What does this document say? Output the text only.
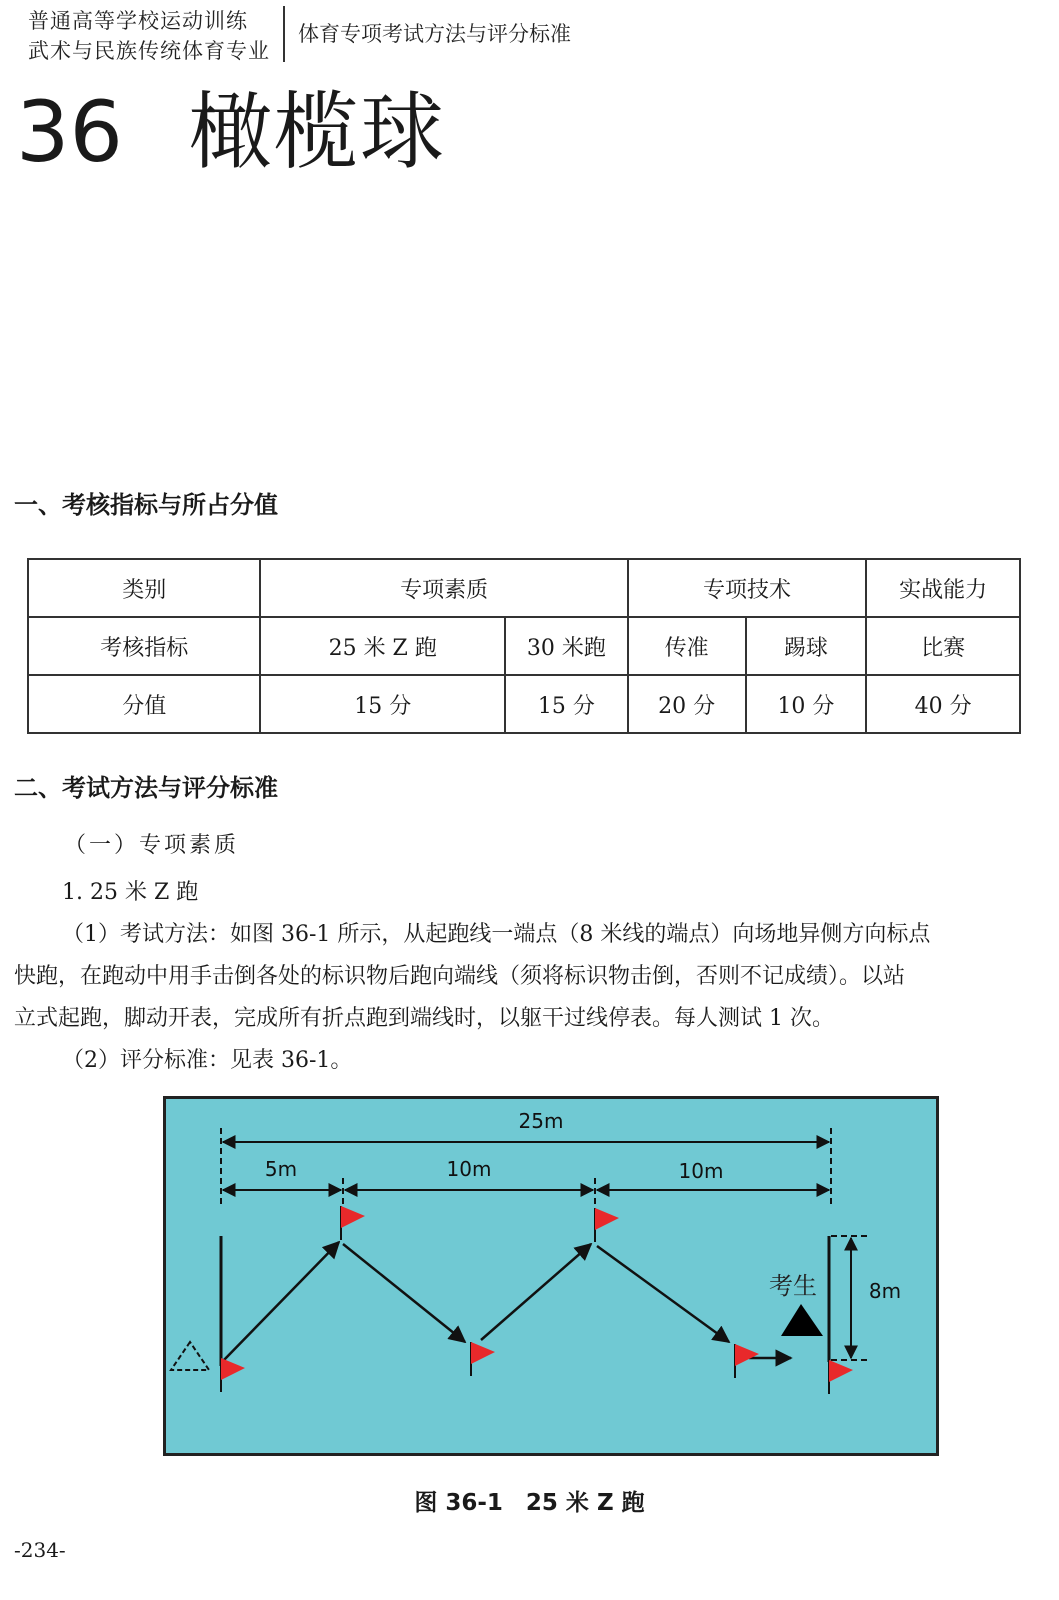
普通高等学校运动训练
武术与民族传统体育专业
体育专项考试方法与评分标准
36 橄榄球
一、考核指标与所占分值
类别	专项素质		专项技术		实战能力
考核指标	25 米 Z 跑	30 米跑	传准	踢球	比赛
分值	15 分	15 分	20 分	10 分	40 分
二、考试方法与评分标准
（一）专项素质

1. 25 米 Z 跑

（1）考试方法：如图 36-1 所示，从起跑线一端点（8 米线的端点）向场地异侧方向标点

快跑，在跑动中用手击倒各处的标识物后跑向端线（须将标识物击倒，否则不记成绩）。以站

立式起跑，脚动开表，完成所有折点跑到端线时，以躯干过线停表。每人测试 1 次。

（2）评分标准：见表 36-1。

25m
5m	10m	10m
8m
考生
图 36-1　25 米 Z 跑
-234-
